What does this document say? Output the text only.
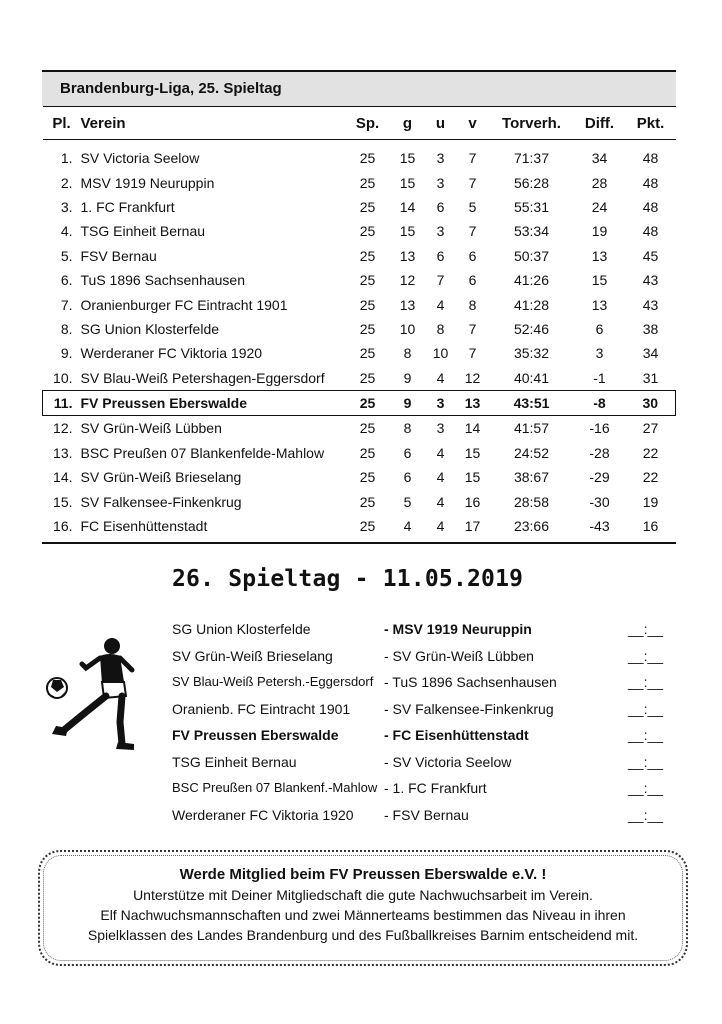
Brandenburg-Liga, 25. Spieltag
Pl.	Verein	Sp.	g	u	v	Torverh.	Diff.	Pkt.
1.	SV Victoria Seelow	25	15	3	7	71:37	34	48
2.	MSV 1919 Neuruppin	25	15	3	7	56:28	28	48
3.	1. FC Frankfurt	25	14	6	5	55:31	24	48
4.	TSG Einheit Bernau	25	15	3	7	53:34	19	48
5.	FSV Bernau	25	13	6	6	50:37	13	45
6.	TuS 1896 Sachsenhausen	25	12	7	6	41:26	15	43
7.	Oranienburger FC Eintracht 1901	25	13	4	8	41:28	13	43
8.	SG Union Klosterfelde	25	10	8	7	52:46	6	38
9.	Werderaner FC Viktoria 1920	25	8	10	7	35:32	3	34
10.	SV Blau-Weiß Petershagen-Eggersdorf	25	9	4	12	40:41	-1	31
11.	FV Preussen Eberswalde	25	9	3	13	43:51	-8	30
12.	SV Grün-Weiß Lübben	25	8	3	14	41:57	-16	27
13.	BSC Preußen 07 Blankenfelde-Mahlow	25	6	4	15	24:52	-28	22
14.	SV Grün-Weiß Brieselang	25	6	4	15	38:67	-29	22
15.	SV Falkensee-Finkenkrug	25	5	4	16	28:58	-30	19
16.	FC Eisenhüttenstadt	25	4	4	17	23:66	-43	16
26. Spieltag - 11.05.2019
SG Union Klosterfelde	- MSV 1919 Neuruppin	__:__
SV Grün-Weiß Brieselang	- SV Grün-Weiß Lübben	__:__
SV Blau-Weiß Petersh.-Eggersdorf - TuS 1896 Sachsenhausen	__:__
Oranienb. FC Eintracht 1901 - SV Falkensee-Finkenkrug	__:__
FV Preussen Eberswalde	- FC Eisenhüttenstadt	__:__
TSG Einheit Bernau	- SV Victoria Seelow	__:__
BSC Preußen 07 Blankenf.-Mahlow - 1. FC Frankfurt	__:__
Werderaner FC Viktoria 1920 - FSV Bernau	__:__
Werde Mitglied beim FV Preussen Eberswalde e.V. !
Unterstütze mit Deiner Mitgliedschaft die gute Nachwuchsarbeit im Verein.
Elf Nachwuchsmannschaften und zwei Männerteams bestimmen das Niveau in ihren
Spielklassen des Landes Brandenburg und des Fußballkreises Barnim entscheidend mit.
